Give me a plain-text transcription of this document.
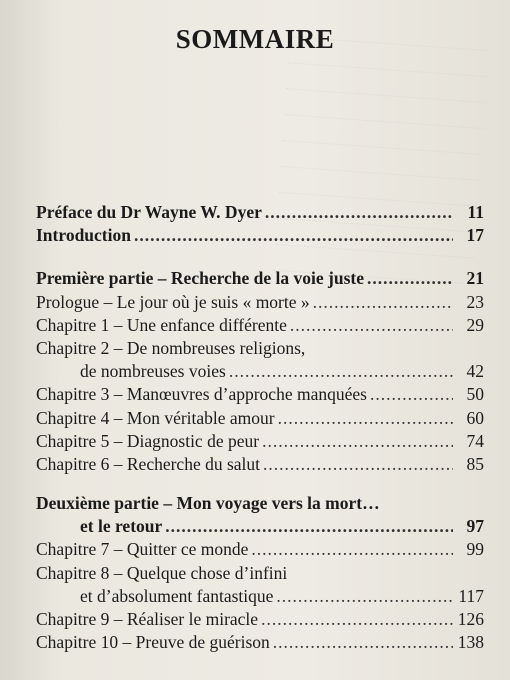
SOMMAIRE
Préface du Dr Wayne W. Dyer .....	11
Introduction .....	17
Première partie – Recherche de la voie juste .....	21
Prologue – Le jour où je suis « morte » .....	23
Chapitre 1 – Une enfance différente .....	29
Chapitre 2 – De nombreuses religions,
de nombreuses voies .....	42
Chapitre 3 – Manœuvres d’approche manquées .....	50
Chapitre 4 – Mon véritable amour .....	60
Chapitre 5 – Diagnostic de peur .....	74
Chapitre 6 – Recherche du salut .....	85
Deuxième partie – Mon voyage vers la mort…
et le retour .....	97
Chapitre 7 – Quitter ce monde .....	99
Chapitre 8 – Quelque chose d’infini
et d’absolument fantastique .....	117
Chapitre 9 – Réaliser le miracle .....	126
Chapitre 10 – Preuve de guérison .....	138
